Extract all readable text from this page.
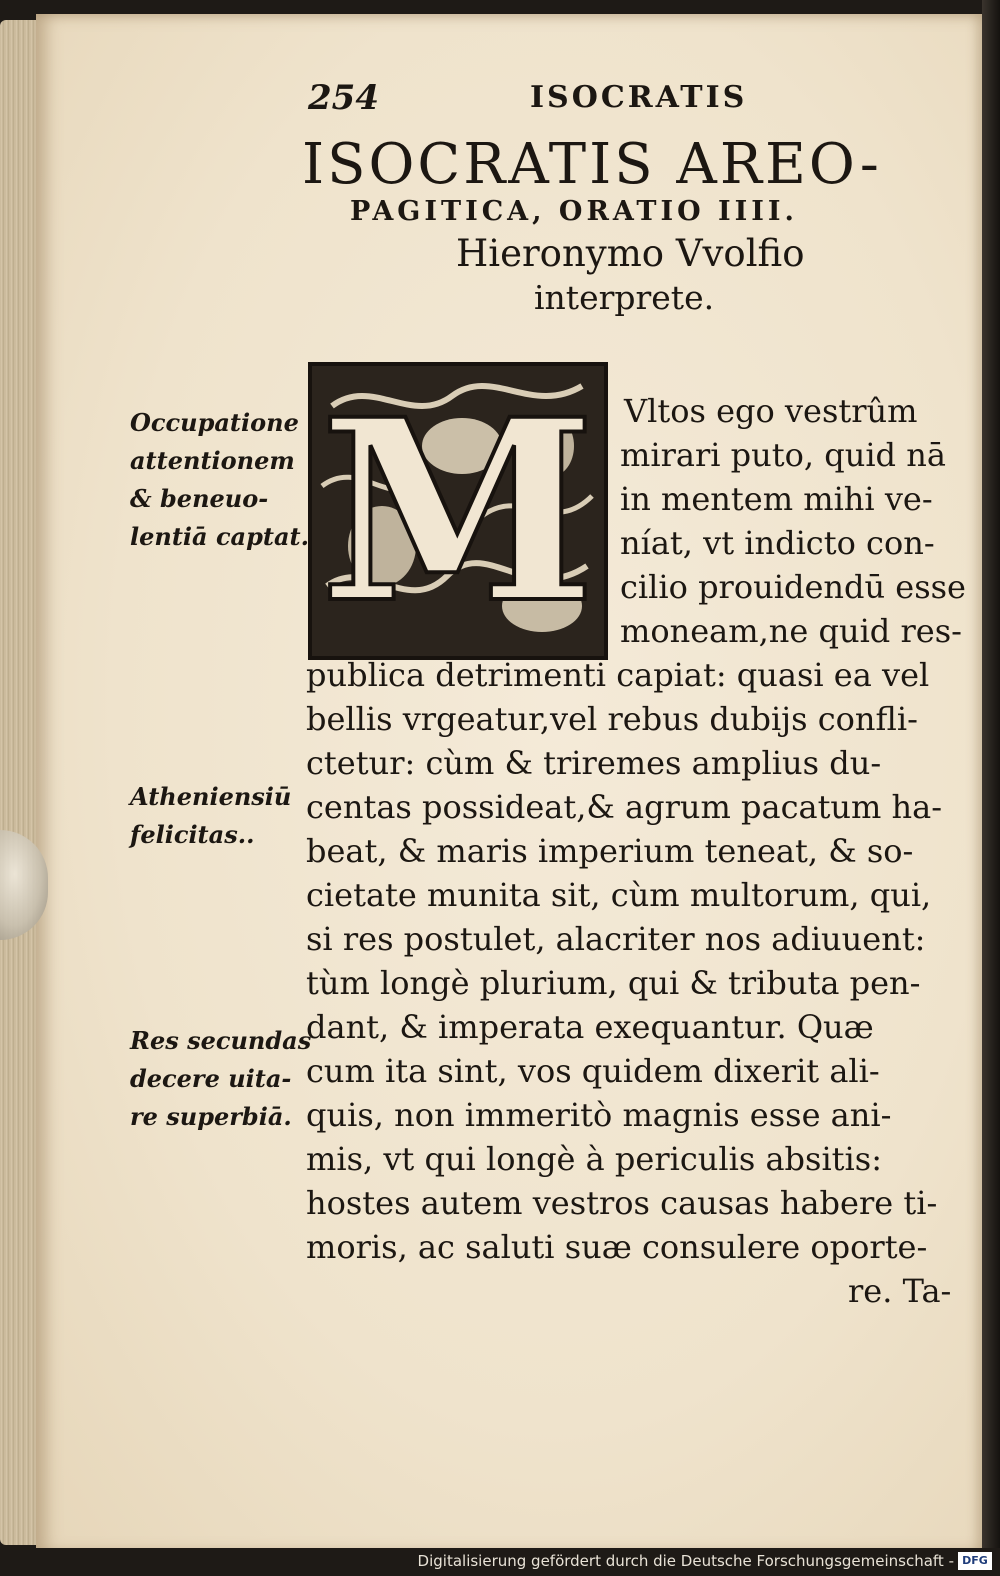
254	ISOCRATIS
ISOCRATIS AREO-
PAGITICA, ORATIO IIII.
Hieronymo Vvolfio
interprete.
M
Occupatione
attentionem
& beneuo-
lentiā captat.
Atheniensiū
felicitas..
Res secundas
decere uita-
re superbiā.
Vltos ego vestrûm
mirari puto, quid nā
in mentem mihi ve-
níat, vt indicto con-
cilio prouidendū esse
moneam,ne quid res-
publica detrimenti capiat: quasi ea vel
bellis vrgeatur,vel rebus dubijs confli-
ctetur: cùm & triremes amplius du-
centas possideat,& agrum pacatum ha-
beat, & maris imperium teneat, & so-
cietate munita sit, cùm multorum, qui,
si res postulet, alacriter nos adiuuent:
tùm longè plurium, qui & tributa pen-
dant, & imperata exequantur. Quæ
cum ita sint, vos quidem dixerit ali-
quis, non immeritò magnis esse ani-
mis, vt qui longè à periculis absitis:
hostes autem vestros causas habere ti-
moris, ac saluti suæ consulere oporte-
re. Ta-
Digitalisierung gefördert durch die Deutsche Forschungsgemeinschaft - DFG
